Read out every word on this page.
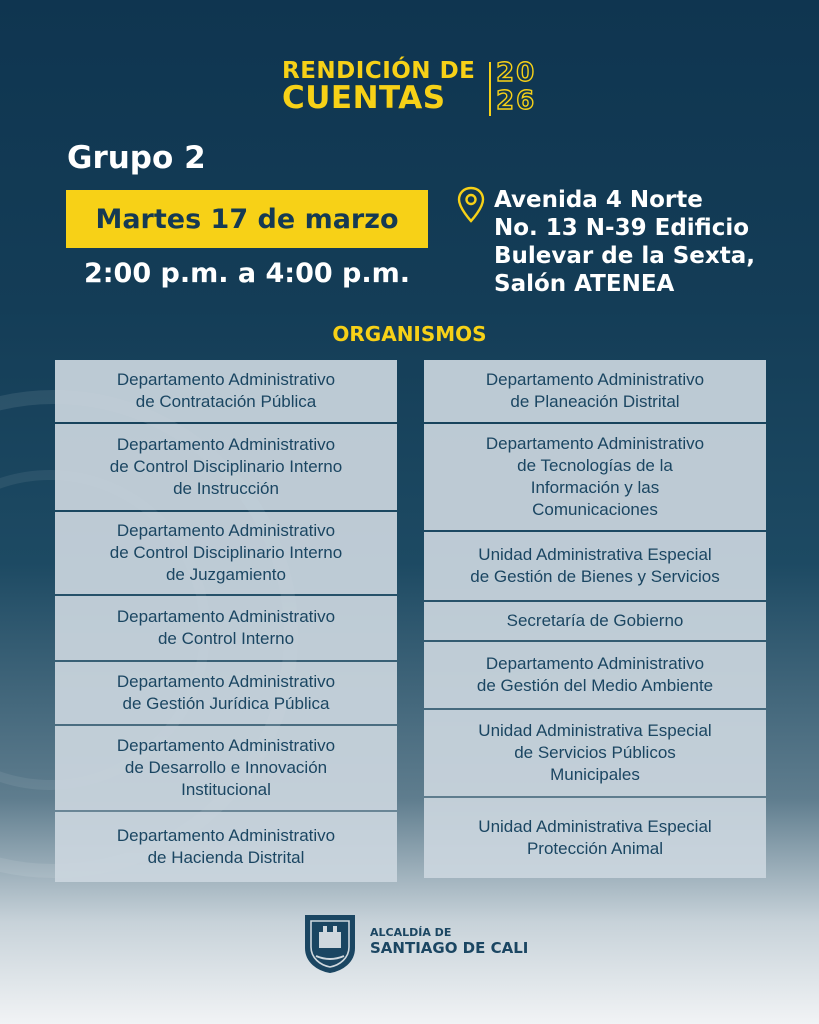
RENDICIÓN DE
CUENTAS
20
26
Grupo 2
Martes 17 de marzo
2:00 p.m. a 4:00 p.m.
Avenida 4 Norte
No. 13 N-39 Edificio
Bulevar de la Sexta,
Salón ATENEA
ORGANISMOS
Departamento Administrativo
de Contratación Pública
Departamento Administrativo
de Control Disciplinario Interno
de Instrucción
Departamento Administrativo
de Control Disciplinario Interno
de Juzgamiento
Departamento Administrativo
de Control Interno
Departamento Administrativo
de Gestión Jurídica Pública
Departamento Administrativo
de Desarrollo e Innovación
Institucional
Departamento Administrativo
de Hacienda Distrital
Departamento Administrativo
de Planeación Distrital
Departamento Administrativo
de Tecnologías de la
Información y las
Comunicaciones
Unidad Administrativa Especial
de Gestión de Bienes y Servicios
Secretaría de Gobierno
Departamento Administrativo
de Gestión del Medio Ambiente
Unidad Administrativa Especial
de Servicios Públicos
Municipales
Unidad Administrativa Especial
Protección Animal
ALCALDÍA DE
SANTIAGO DE CALI
